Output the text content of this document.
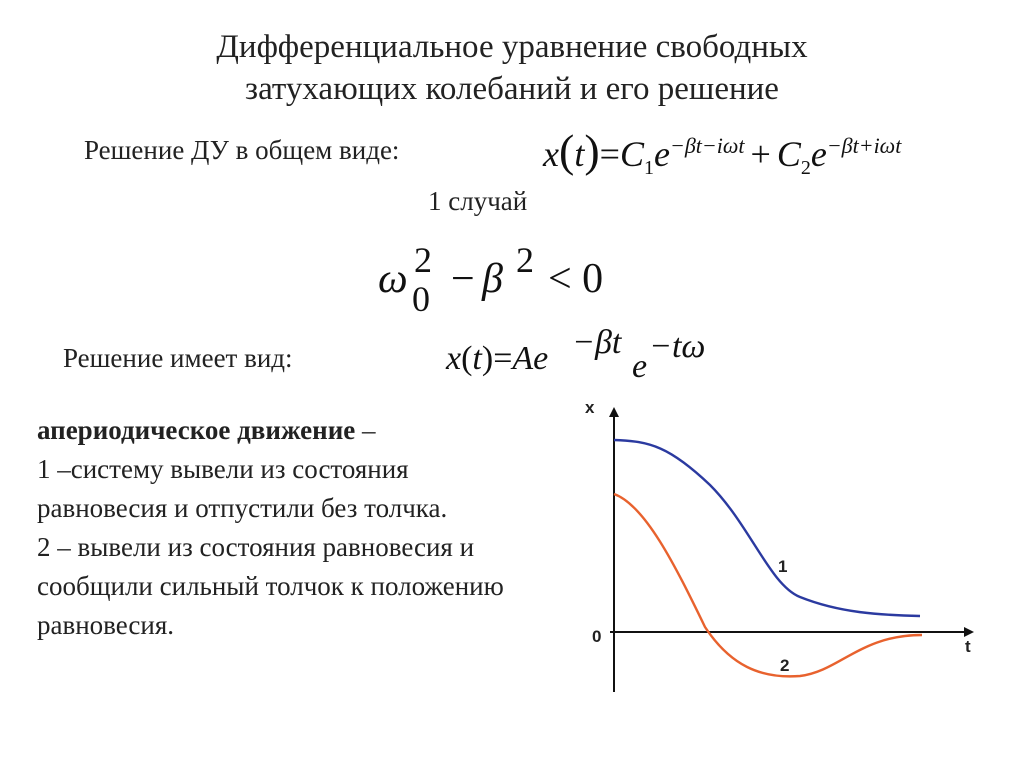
Дифференциальное уравнение свободных
затухающих колебаний и его решение
Решение ДУ в общем виде:	$x(t)=C_1e^{-\beta t-i\omega t} + C_2e^{-\beta t+i\omega t}$
1 случай
ω 2
0 − β 2 < 0
Решение имеет вид:	x(t)=Ae −βt
e
−tω
апериодическое движение –
1 –систему вывели из состояния равновесия и отпустили без толчка.
2 – вывели из состояния равновесия и сообщили сильный толчок к положению равновесия.
x
t
0
1
2
